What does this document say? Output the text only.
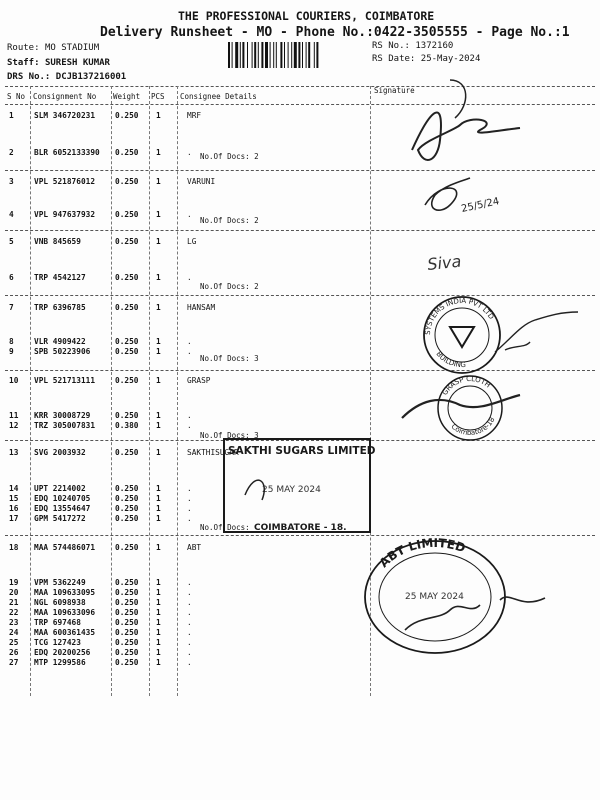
THE PROFESSIONAL COURIERS, COIMBATORE
Delivery Runsheet - MO - Phone No.:0422-3505555 - Page No.:1
Route: MO STADIUM
Staff: SURESH KUMAR
DRS No.: DCJB137216001
RS No.: 1372160
RS Date: 25-May-2024
S No Consignment No Weight PCS Consignee Details
Signature
1	SLM 346720231	0.250 1	MRF
2	BLR 6052133390 0.250 1	.
3	VPL 521876012	0.250 1	VARUNI
4	VPL 947637932	0.250 1	.
5	VNB 845659	0.250 1	LG
6	TRP 4542127	0.250 1	.
7	TRP 6396785	0.250 1	HANSAM
8	VLR 4909422	0.250 1	.
9	SPB 50223906	0.250 1	.
10 VPL 521713111	0.250 1	GRASP
11 KRR 30008729	0.250 1	.
12 TRZ 305007831	0.380 1	.
13 SVG 2003932	0.250 1	SAKTHISUGAR
14 UPT 2214002	0.250 1	.
15 EDQ 10240705	0.250 1	.
16 EDQ 13554647	0.250 1	.
17 GPM 5417272	0.250 1	.
18 MAA 574486071	0.250 1	ABT
19 VPM 5362249	0.250 1	.
20 MAA 109633095	0.250 1	.
21 NGL 6098938	0.250 1	.
22 MAA 109633096	0.250 1	.
23 TRP 697468	0.250 1	.
24 MAA 600361435	0.250 1	.
25 TCG 127423	0.250 1	.
26 EDQ 20200256	0.250 1	.
27 MTP 1299586	0.250 1	.
No.Of Docs: 2
No.Of Docs: 2
No.Of Docs: 2
No.Of Docs: 3
No.Of Docs: 3
No.Of Docs:
25/5/24
Siva
SYSTEMS INDIA PVT LTD
BUILDING
GRASP CLOTH
Coimbatore-18
SAKTHI SUGARS LIMITED
25 MAY 2024
COIMBATORE - 18.
ABT LIMITED
25 MAY 2024
